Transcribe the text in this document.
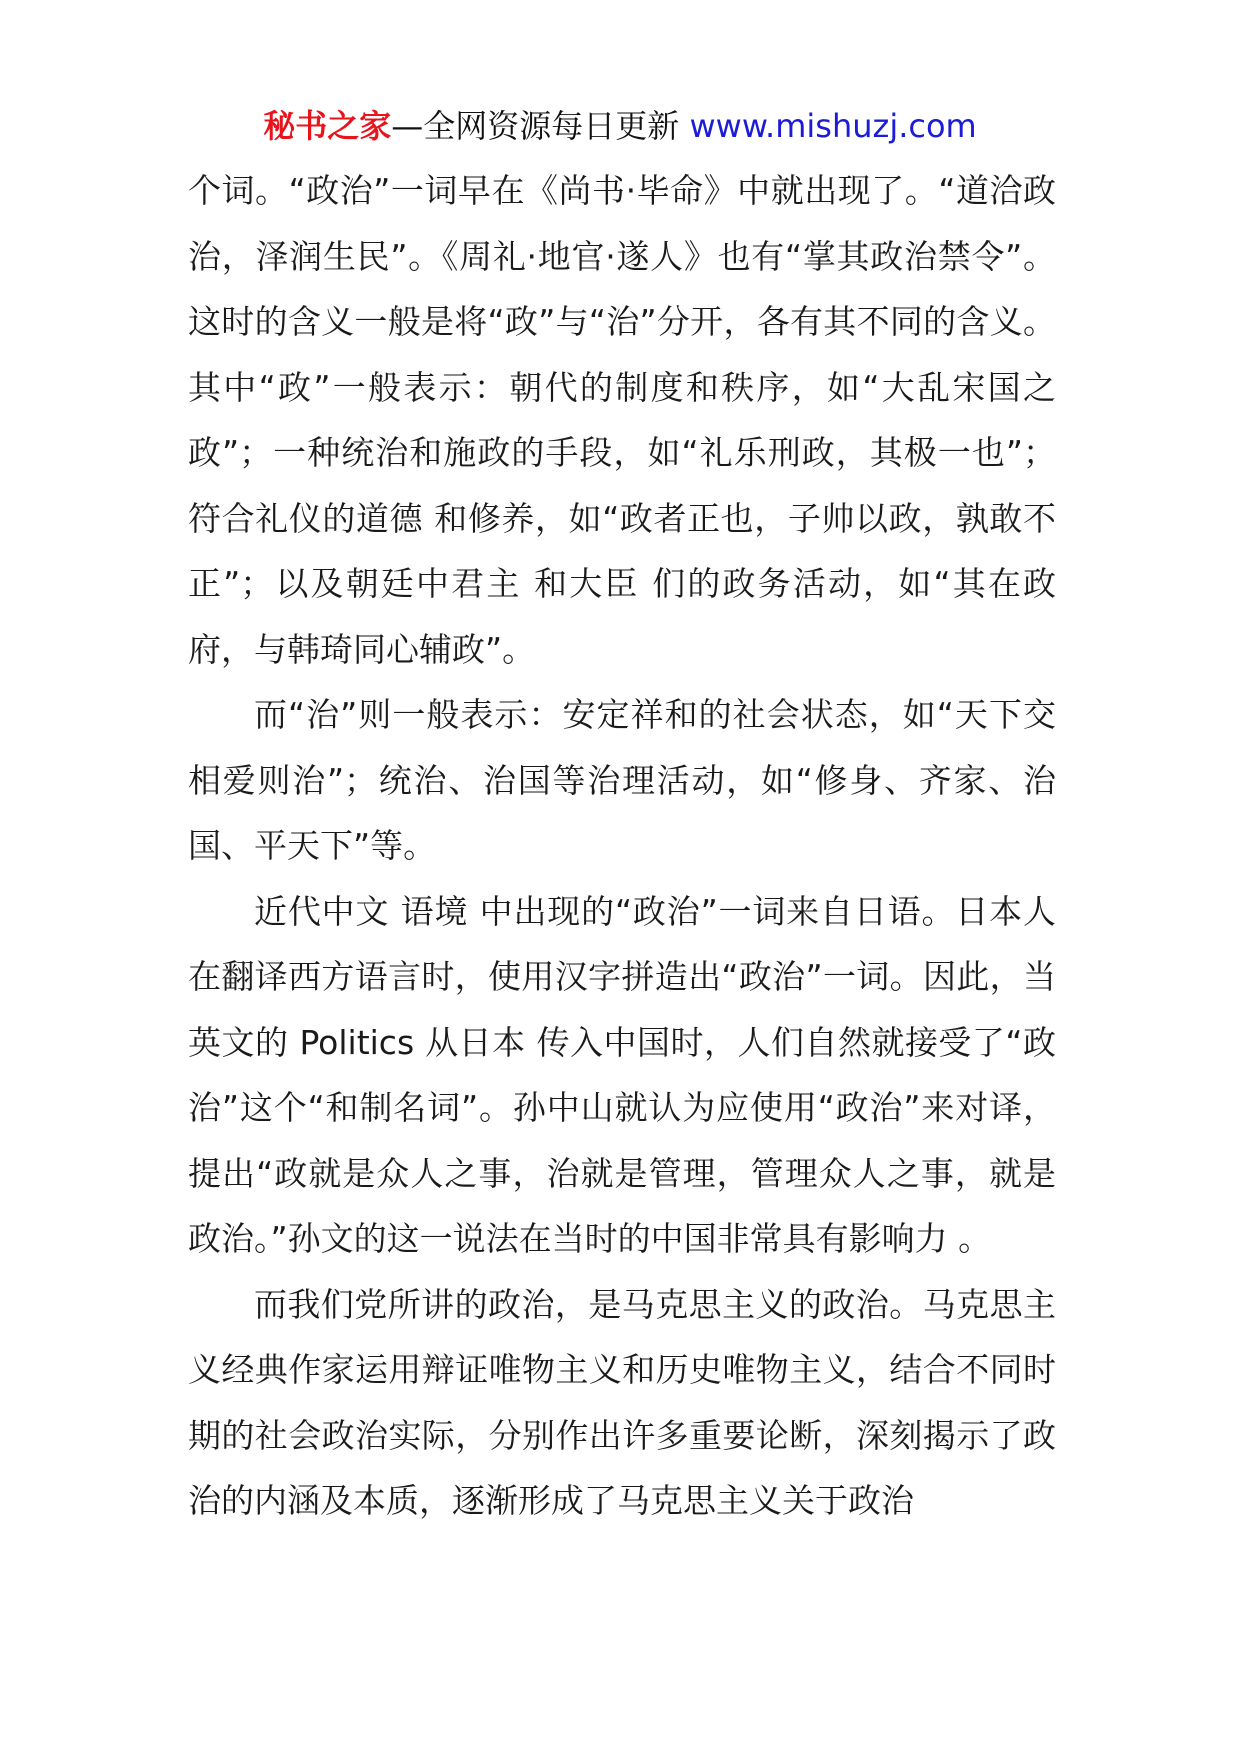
秘书之家—全网资源每日更新 www.mishuzj.com

个词。“政治”一词早在《尚书·毕命》中就出现了。“道洽政治，泽润生民”。《周礼·地官·遂人》也有“掌其政治禁令”。这时的含义一般是将“政”与“治”分开，各有其不同的含义。其中“政”一般表示：朝代的制度和秩序，如“大乱宋国之政”；一种统治和施政的手段，如“礼乐刑政，其极一也”；符合礼仪的道德 和修养，如“政者正也，子帅以政，孰敢不正”；以及朝廷中君主 和大臣 们的政务活动，如“其在政府，与韩琦同心辅政”。

而“治”则一般表示：安定祥和的社会状态，如“天下交相爱则治”；统治、治国等治理活动，如“修身、齐家、治国、平天下”等。

近代中文 语境 中出现的“政治”一词来自日语。日本人 在翻译西方语言时，使用汉字拼造出“政治”一词。因此，当英文的 Politics 从日本 传入中国时，人们自然就接受了“政治”这个“和制名词”。孙中山就认为应使用“政治”来对译，提出“政就是众人之事，治就是管理，管理众人之事，就是政治。”孙文的这一说法在当时的中国非常具有影响力 。

而我们党所讲的政治，是马克思主义的政治。马克思主义经典作家运用辩证唯物主义和历史唯物主义，结合不同时期的社会政治实际，分别作出许多重要论断，深刻揭示了政治的内涵及本质，逐渐形成了马克思主义关于政治
